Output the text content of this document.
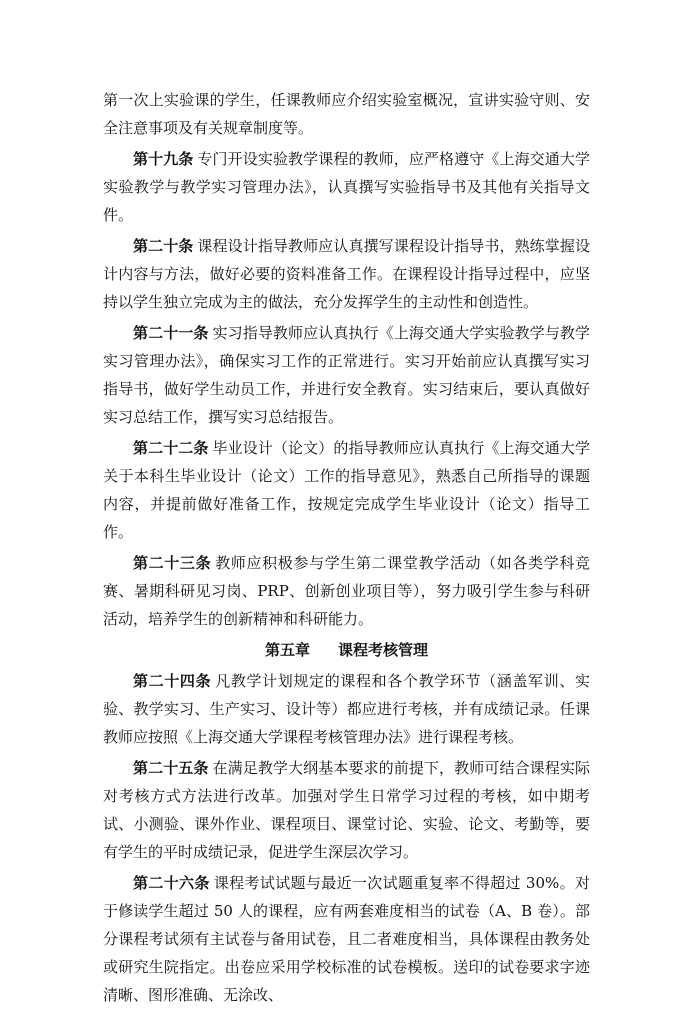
第一次上实验课的学生，任课教师应介绍实验室概况，宣讲实验守则、安全注意事项及有关规章制度等。

第十九条 专门开设实验教学课程的教师，应严格遵守《上海交通大学实验教学与教学实习管理办法》，认真撰写实验指导书及其他有关指导文件。

第二十条 课程设计指导教师应认真撰写课程设计指导书，熟练掌握设计内容与方法，做好必要的资料准备工作。在课程设计指导过程中，应坚持以学生独立完成为主的做法，充分发挥学生的主动性和创造性。

第二十一条 实习指导教师应认真执行《上海交通大学实验教学与教学实习管理办法》，确保实习工作的正常进行。实习开始前应认真撰写实习指导书，做好学生动员工作，并进行安全教育。实习结束后，要认真做好实习总结工作，撰写实习总结报告。

第二十二条 毕业设计（论文）的指导教师应认真执行《上海交通大学关于本科生毕业设计（论文）工作的指导意见》，熟悉自己所指导的课题内容，并提前做好准备工作，按规定完成学生毕业设计（论文）指导工作。

第二十三条 教师应积极参与学生第二课堂教学活动（如各类学科竞赛、暑期科研见习岗、PRP、创新创业项目等），努力吸引学生参与科研活动，培养学生的创新精神和科研能力。

第五章 课程考核管理

第二十四条 凡教学计划规定的课程和各个教学环节（涵盖军训、实验、教学实习、生产实习、设计等）都应进行考核，并有成绩记录。任课教师应按照《上海交通大学课程考核管理办法》进行课程考核。

第二十五条 在满足教学大纲基本要求的前提下，教师可结合课程实际对考核方式方法进行改革。加强对学生日常学习过程的考核，如中期考试、小测验、课外作业、课程项目、课堂讨论、实验、论文、考勤等，要有学生的平时成绩记录，促进学生深层次学习。

第二十六条 课程考试试题与最近一次试题重复率不得超过 30%。对于修读学生超过 50 人的课程，应有两套难度相当的试卷（A、B 卷）。部分课程考试须有主试卷与备用试卷，且二者难度相当，具体课程由教务处或研究生院指定。出卷应采用学校标准的试卷模板。送印的试卷要求字迹清晰、图形准确、无涂改、
